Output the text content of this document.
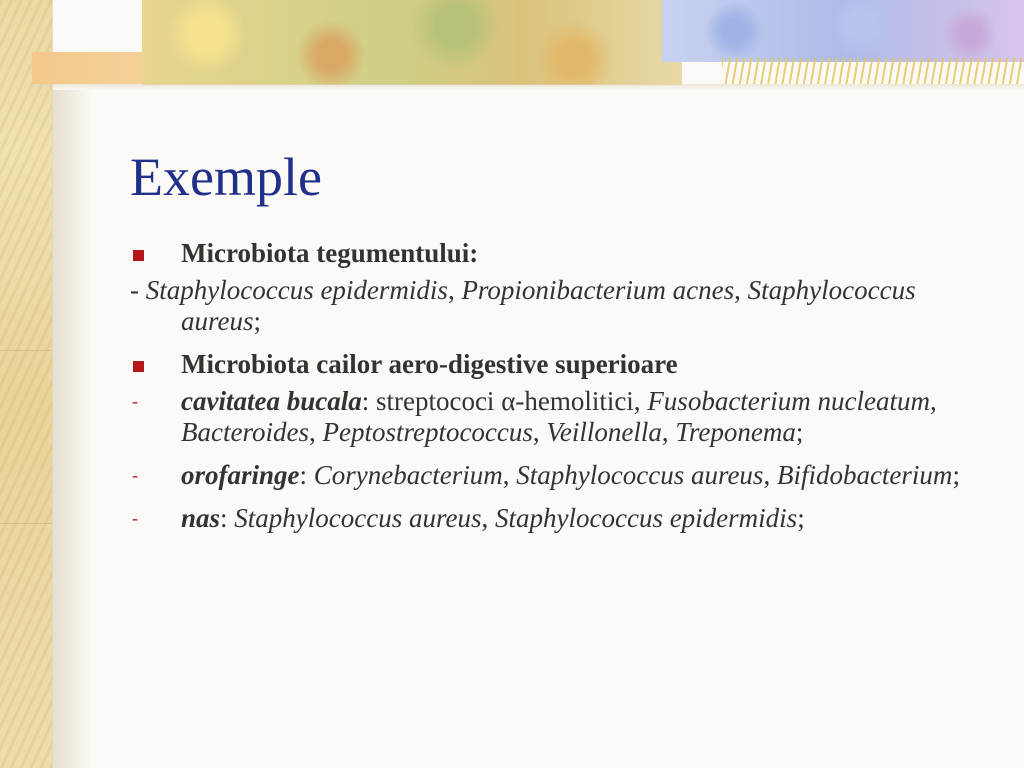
Exemple
Microbiota tegumentului:
- Staphylococcus epidermidis, Propionibacterium acnes, Staphylococcus aureus;
Microbiota cailor aero-digestive superioare
- cavitatea bucala: streptococi α-hemolitici, Fusobacterium nucleatum, Bacteroides, Peptostreptococcus, Veillonella, Treponema;
- orofaringe: Corynebacterium, Staphylococcus aureus, Bifidobacterium;
- nas: Staphylococcus aureus, Staphylococcus epidermidis;
